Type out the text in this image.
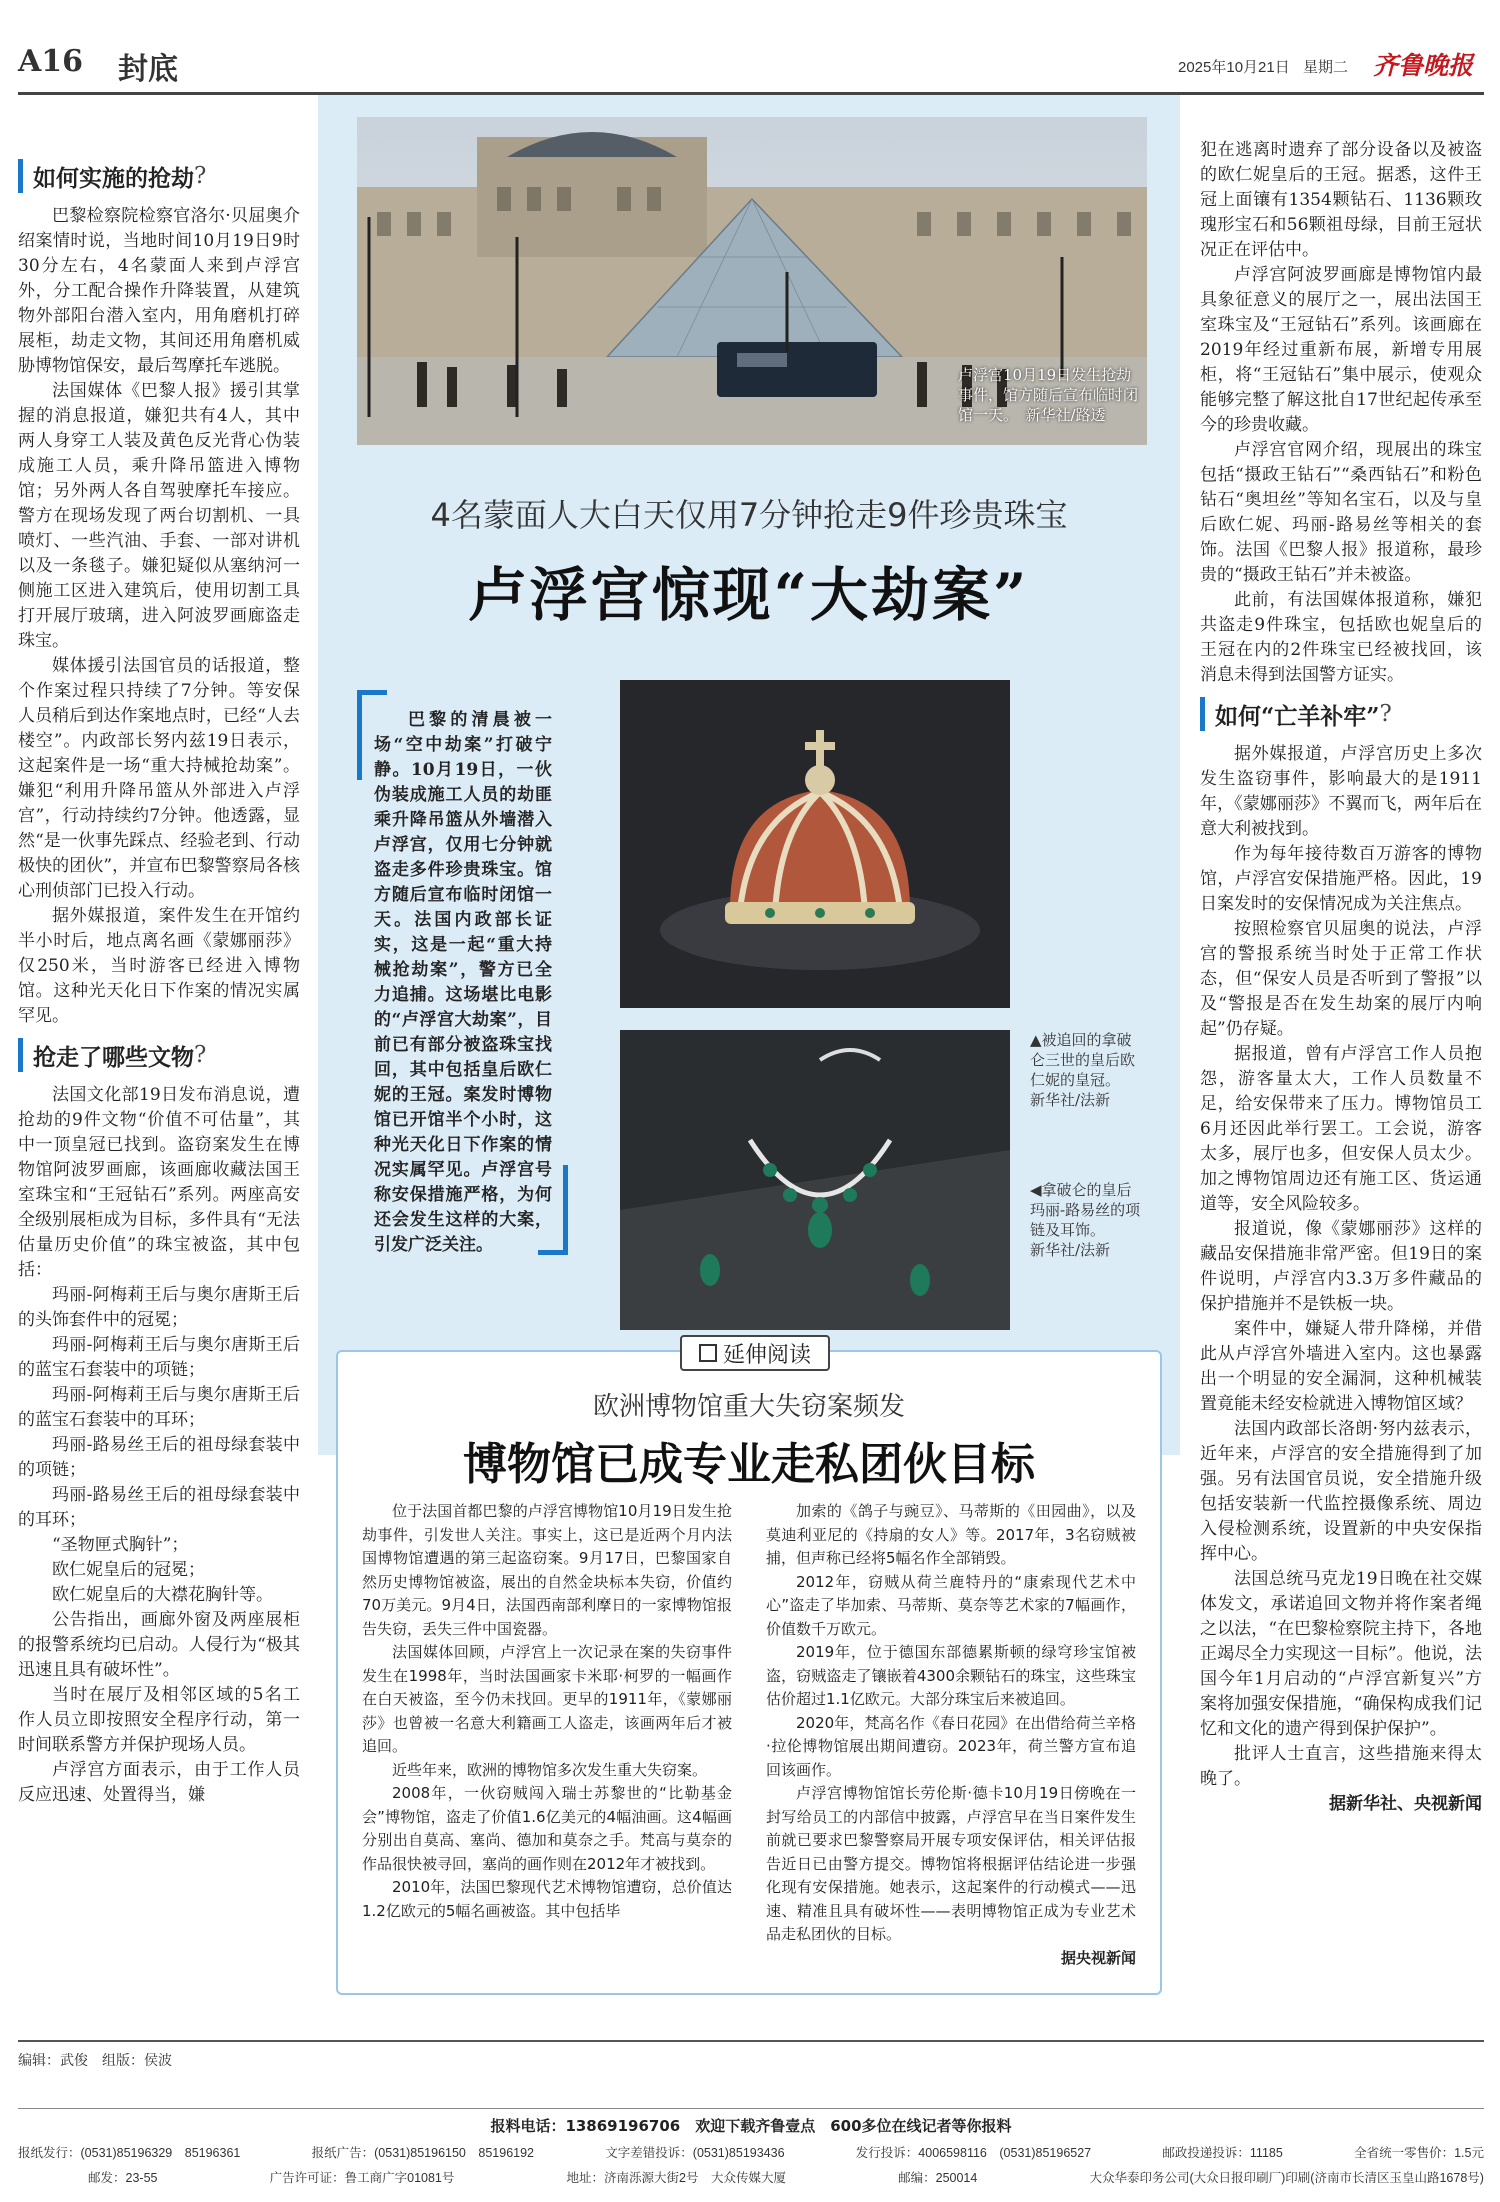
A16 封底	2025年10月21日 星期二 齐鲁晚报
卢浮宫10月19日发生抢劫事件，馆方随后宣布临时闭馆一天。　新华社/路透
4名蒙面人大白天仅用7分钟抢走9件珍贵珠宝
卢浮宫惊现“大劫案”

巴黎的清晨被一场“空中劫案”打破宁静。10月19日，一伙伪装成施工人员的劫匪乘升降吊篮从外墙潜入卢浮宫，仅用七分钟就盗走多件珍贵珠宝。馆方随后宣布临时闭馆一天。法国内政部长证实，这是一起“重大持械抢劫案”，警方已全力追捕。这场堪比电影的“卢浮宫大劫案”，目前已有部分被盗珠宝找回，其中包括皇后欧仁妮的王冠。案发时博物馆已开馆半个小时，这种光天化日下作案的情况实属罕见。卢浮宫号称安保措施严格，为何还会发生这样的大案，引发广泛关注。

▲被追回的拿破仑三世的皇后欧仁妮的皇冠。
新华社/法新
◀拿破仑的皇后玛丽-路易丝的项链及耳饰。
新华社/法新
延伸阅读
欧洲博物馆重大失窃案频发
博物馆已成专业走私团伙目标

位于法国首都巴黎的卢浮宫博物馆10月19日发生抢劫事件，引发世人关注。事实上，这已是近两个月内法国博物馆遭遇的第三起盗窃案。9月17日，巴黎国家自然历史博物馆被盗，展出的自然金块标本失窃，价值约70万美元。9月4日，法国西南部利摩日的一家博物馆报告失窃，丢失三件中国瓷器。

法国媒体回顾，卢浮宫上一次记录在案的失窃事件发生在1998年，当时法国画家卡米耶·柯罗的一幅画作在白天被盗，至今仍未找回。更早的1911年，《蒙娜丽莎》也曾被一名意大利籍画工人盗走，该画两年后才被追回。

近些年来，欧洲的博物馆多次发生重大失窃案。

2008年，一伙窃贼闯入瑞士苏黎世的“比勒基金会”博物馆，盗走了价值1.6亿美元的4幅油画。这4幅画分别出自莫高、塞尚、德加和莫奈之手。梵高与莫奈的作品很快被寻回，塞尚的画作则在2012年才被找到。

2010年，法国巴黎现代艺术博物馆遭窃，总价值达1.2亿欧元的5幅名画被盗。其中包括毕

加索的《鸽子与豌豆》、马蒂斯的《田园曲》，以及莫迪利亚尼的《持扇的女人》等。2017年，3名窃贼被捕，但声称已经将5幅名作全部销毁。

2012年，窃贼从荷兰鹿特丹的“康索现代艺术中心”盗走了毕加索、马蒂斯、莫奈等艺术家的7幅画作，价值数千万欧元。

2019年，位于德国东部德累斯顿的绿穹珍宝馆被盗，窃贼盗走了镶嵌着4300余颗钻石的珠宝，这些珠宝估价超过1.1亿欧元。大部分珠宝后来被追回。

2020年，梵高名作《春日花园》在出借给荷兰辛格·拉伦博物馆展出期间遭窃。2023年，荷兰警方宣布追回该画作。

卢浮宫博物馆馆长劳伦斯·德卡10月19日傍晚在一封写给员工的内部信中披露，卢浮宫早在当日案件发生前就已要求巴黎警察局开展专项安保评估，相关评估报告近日已由警方提交。博物馆将根据评估结论进一步强化现有安保措施。她表示，这起案件的行动模式——迅速、精准且具有破坏性——表明博物馆正成为专业艺术品走私团伙的目标。

据央视新闻

如何实施的抢劫 ?

巴黎检察院检察官洛尔·贝屈奥介绍案情时说，当地时间10月19日9时30分左右，4名蒙面人来到卢浮宫外，分工配合操作升降装置，从建筑物外部阳台潜入室内，用角磨机打碎展柜，劫走文物，其间还用角磨机威胁博物馆保安，最后驾摩托车逃脱。

法国媒体《巴黎人报》援引其掌握的消息报道，嫌犯共有4人，其中两人身穿工人装及黄色反光背心伪装成施工人员，乘升降吊篮进入博物馆；另外两人各自驾驶摩托车接应。警方在现场发现了两台切割机、一具喷灯、一些汽油、手套、一部对讲机以及一条毯子。嫌犯疑似从塞纳河一侧施工区进入建筑后，使用切割工具打开展厅玻璃，进入阿波罗画廊盗走珠宝。

媒体援引法国官员的话报道，整个作案过程只持续了7分钟。等安保人员稍后到达作案地点时，已经“人去楼空”。内政部长努内兹19日表示，这起案件是一场“重大持械抢劫案”。嫌犯“利用升降吊篮从外部进入卢浮宫”，行动持续约7分钟。他透露，显然“是一伙事先踩点、经验老到、行动极快的团伙”，并宣布巴黎警察局各核心刑侦部门已投入行动。

据外媒报道，案件发生在开馆约半小时后，地点离名画《蒙娜丽莎》仅250米，当时游客已经进入博物馆。这种光天化日下作案的情况实属罕见。

抢走了哪些文物 ?

法国文化部19日发布消息说，遭抢劫的9件文物“价值不可估量”，其中一顶皇冠已找到。盗窃案发生在博物馆阿波罗画廊，该画廊收藏法国王室珠宝和“王冠钻石”系列。两座高安全级别展柜成为目标，多件具有“无法估量历史价值”的珠宝被盗，其中包括：

玛丽-阿梅莉王后与奥尔唐斯王后的头饰套件中的冠冕；

玛丽-阿梅莉王后与奥尔唐斯王后的蓝宝石套装中的项链；

玛丽-阿梅莉王后与奥尔唐斯王后的蓝宝石套装中的耳环；

玛丽-路易丝王后的祖母绿套装中的项链；

玛丽-路易丝王后的祖母绿套装中的耳环；

“圣物匣式胸针”；

欧仁妮皇后的冠冕；

欧仁妮皇后的大襟花胸针等。

公告指出，画廊外窗及两座展柜的报警系统均已启动。人侵行为“极其迅速且具有破坏性”。

当时在展厅及相邻区域的5名工作人员立即按照安全程序行动，第一时间联系警方并保护现场人员。

卢浮宫方面表示，由于工作人员反应迅速、处置得当，嫌

犯在逃离时遗弃了部分设备以及被盗的欧仁妮皇后的王冠。据悉，这件王冠上面镶有1354颗钻石、1136颗玫瑰形宝石和56颗祖母绿，目前王冠状况正在评估中。

卢浮宫阿波罗画廊是博物馆内最具象征意义的展厅之一，展出法国王室珠宝及“王冠钻石”系列。该画廊在2019年经过重新布展，新增专用展柜，将“王冠钻石”集中展示，使观众能够完整了解这批自17世纪起传承至今的珍贵收藏。

卢浮宫官网介绍，现展出的珠宝包括“摄政王钻石”“桑西钻石”和粉色钻石“奥坦丝”等知名宝石，以及与皇后欧仁妮、玛丽-路易丝等相关的套饰。法国《巴黎人报》报道称，最珍贵的“摄政王钻石”并未被盗。

此前，有法国媒体报道称，嫌犯共盗走9件珠宝，包括欧也妮皇后的王冠在内的2件珠宝已经被找回，该消息未得到法国警方证实。

如何“亡羊补牢” ?

据外媒报道，卢浮宫历史上多次发生盗窃事件，影响最大的是1911年，《蒙娜丽莎》不翼而飞，两年后在意大利被找到。

作为每年接待数百万游客的博物馆，卢浮宫安保措施严格。因此，19日案发时的安保情况成为关注焦点。

按照检察官贝屈奥的说法，卢浮宫的警报系统当时处于正常工作状态，但“保安人员是否听到了警报”以及“警报是否在发生劫案的展厅内响起”仍存疑。

据报道，曾有卢浮宫工作人员抱怨，游客量太大，工作人员数量不足，给安保带来了压力。博物馆员工6月还因此举行罢工。工会说，游客太多，展厅也多，但安保人员太少。加之博物馆周边还有施工区、货运通道等，安全风险较多。

报道说，像《蒙娜丽莎》这样的藏品安保措施非常严密。但19日的案件说明，卢浮宫内3.3万多件藏品的保护措施并不是铁板一块。

案件中，嫌疑人带升降梯，并借此从卢浮宫外墙进入室内。这也暴露出一个明显的安全漏洞，这种机械装置竟能未经安检就进入博物馆区域？

法国内政部长洛朗·努内兹表示，近年来，卢浮宫的安全措施得到了加强。另有法国官员说，安全措施升级包括安装新一代监控摄像系统、周边入侵检测系统，设置新的中央安保指挥中心。

法国总统马克龙19日晚在社交媒体发文，承诺追回文物并将作案者绳之以法，“在巴黎检察院主持下，各地正竭尽全力实现这一目标”。他说，法国今年1月启动的“卢浮宫新复兴”方案将加强安保措施，“确保构成我们记忆和文化的遗产得到保护保护”。

批评人士直言，这些措施来得太晚了。

据新华社、央视新闻

编辑：武俊　组版：侯波
报料电话：13869196706　欢迎下载齐鲁壹点　600多位在线记者等你报料
报纸发行：(0531)85196329　85196361	报纸广告：(0531)85196150　85196192	文字差错投诉：(0531)85193436	发行投诉：4006598116　(0531)85196527	邮政投递投诉：11185	全省统一零售价：1.5元
邮发：23-55	广告许可证：鲁工商广字01081号	地址：济南泺源大街2号　大众传媒大厦	邮编：250014	大众华泰印务公司(大众日报印刷厂)印刷(济南市长清区玉皇山路1678号)
